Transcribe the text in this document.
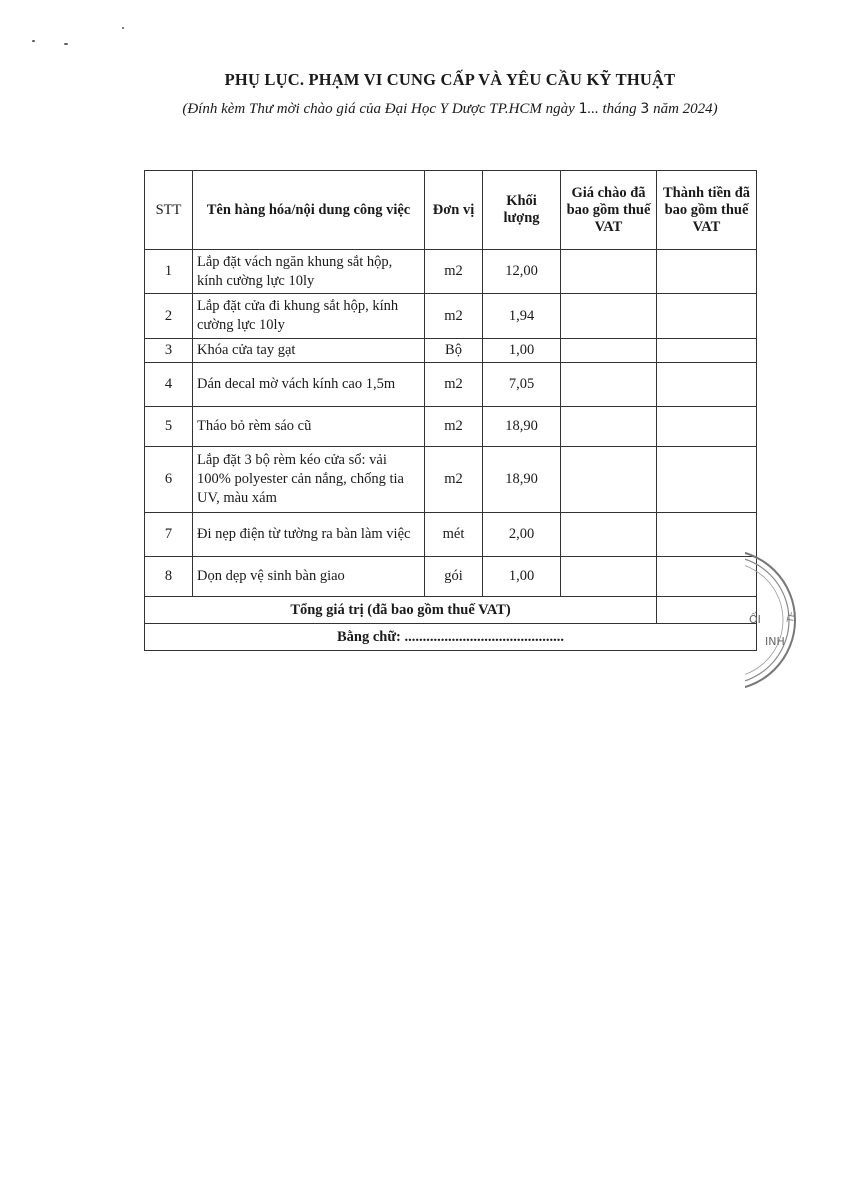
PHỤ LỤC. PHẠM VI CUNG CẤP VÀ YÊU CẦU KỸ THUẬT
(Đính kèm Thư mời chào giá của Đại Học Y Dược TP.HCM ngày 1... tháng 3 năm 2024)
STT	Tên hàng hóa/nội dung công việc	Đơn vị	Khối lượng	Giá chào đã bao gồm thuế VAT	Thành tiền đã bao gồm thuế VAT
1	Lắp đặt vách ngăn khung sắt hộp, kính cường lực 10ly	m2	12,00		
2	Lắp đặt cửa đi khung sắt hộp, kính cường lực 10ly	m2	1,94		
3	Khóa cửa tay gạt	Bộ	1,00		
4	Dán decal mờ vách kính cao 1,5m	m2	7,05		
5	Tháo bỏ rèm sáo cũ	m2	18,90		
6	Lắp đặt 3 bộ rèm kéo cửa sổ: vải 100% polyester cản nắng, chống tia UV, màu xám	m2	18,90		
7	Đi nẹp điện từ tường ra bàn làm việc	mét	2,00		
8	Dọn dẹp vệ sinh bàn giao	gói	1,00		
Tổng giá trị (đã bao gồm thuế VAT)					
Bằng chữ: ............................................					
ỐI
INH
TE
